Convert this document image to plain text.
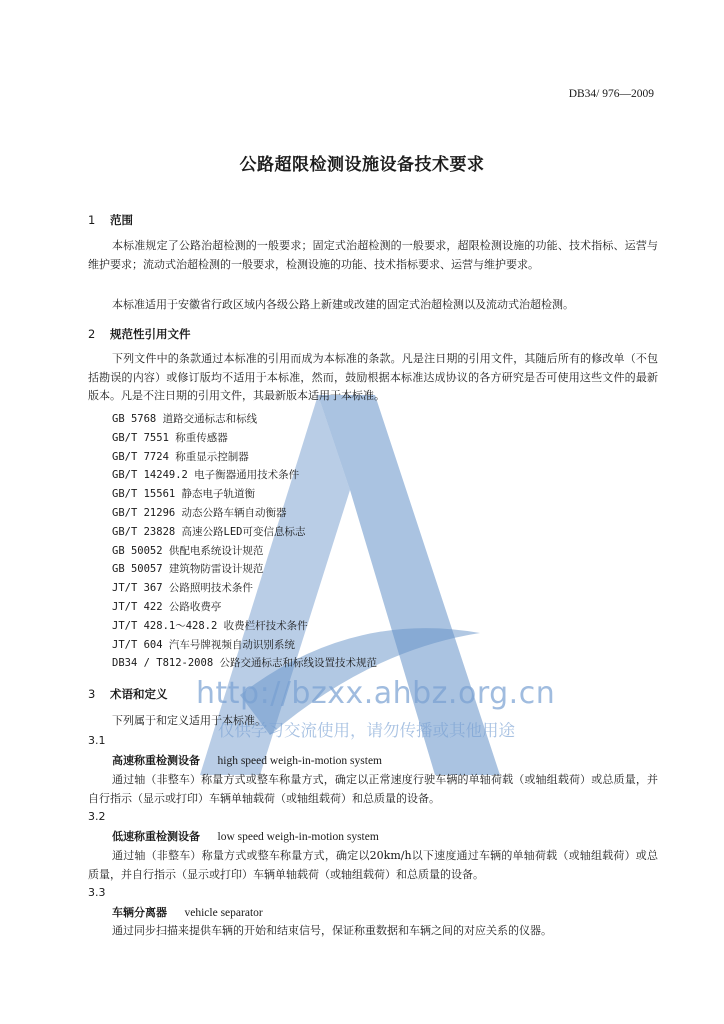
DB34/ 976—2009
公路超限检测设施设备技术要求
1 范围
本标准规定了公路治超检测的一般要求；固定式治超检测的一般要求，超限检测设施的功能、技术指标、运营与维护要求；流动式治超检测的一般要求，检测设施的功能、技术指标要求、运营与维护要求。
本标准适用于安徽省行政区域内各级公路上新建或改建的固定式治超检测以及流动式治超检测。
2 规范性引用文件
下列文件中的条款通过本标准的引用而成为本标准的条款。凡是注日期的引用文件，其随后所有的修改单（不包括勘误的内容）或修订版均不适用于本标准，然而，鼓励根据本标准达成协议的各方研究是否可使用这些文件的最新版本。凡是不注日期的引用文件，其最新版本适用于本标准。
GB 5768 道路交通标志和标线
GB/T 7551 称重传感器
GB/T 7724 称重显示控制器
GB/T 14249.2 电子衡器通用技术条件
GB/T 15561 静态电子轨道衡
GB/T 21296 动态公路车辆自动衡器
GB/T 23828 高速公路LED可变信息标志
GB 50052 供配电系统设计规范
GB 50057 建筑物防雷设计规范
JT/T 367 公路照明技术条件
JT/T 422 公路收费亭
JT/T 428.1～428.2 收费栏杆技术条件
JT/T 604 汽车号牌视频自动识别系统
DB34 / T812-2008 公路交通标志和标线设置技术规范
3 术语和定义
下列属于和定义适用于本标准。
3.1
高速称重检测设备 high speed weigh-in-motion system
通过轴（非整车）称量方式或整车称量方式，确定以正常速度行驶车辆的单轴荷载（或轴组载荷）或总质量，并自行指示（显示或打印）车辆单轴载荷（或轴组载荷）和总质量的设备。
3.2
低速称重检测设备 low speed weigh-in-motion system
通过轴（非整车）称量方式或整车称量方式，确定以20km/h以下速度通过车辆的单轴荷载（或轴组载荷）或总质量，并自行指示（显示或打印）车辆单轴载荷（或轴组载荷）和总质量的设备。
3.3
车辆分离器 vehicle separator
通过同步扫描来提供车辆的开始和结束信号，保证称重数据和车辆之间的对应关系的仪器。
http://bzxx.ahbz.org.cn
仅供学习交流使用，请勿传播或其他用途
